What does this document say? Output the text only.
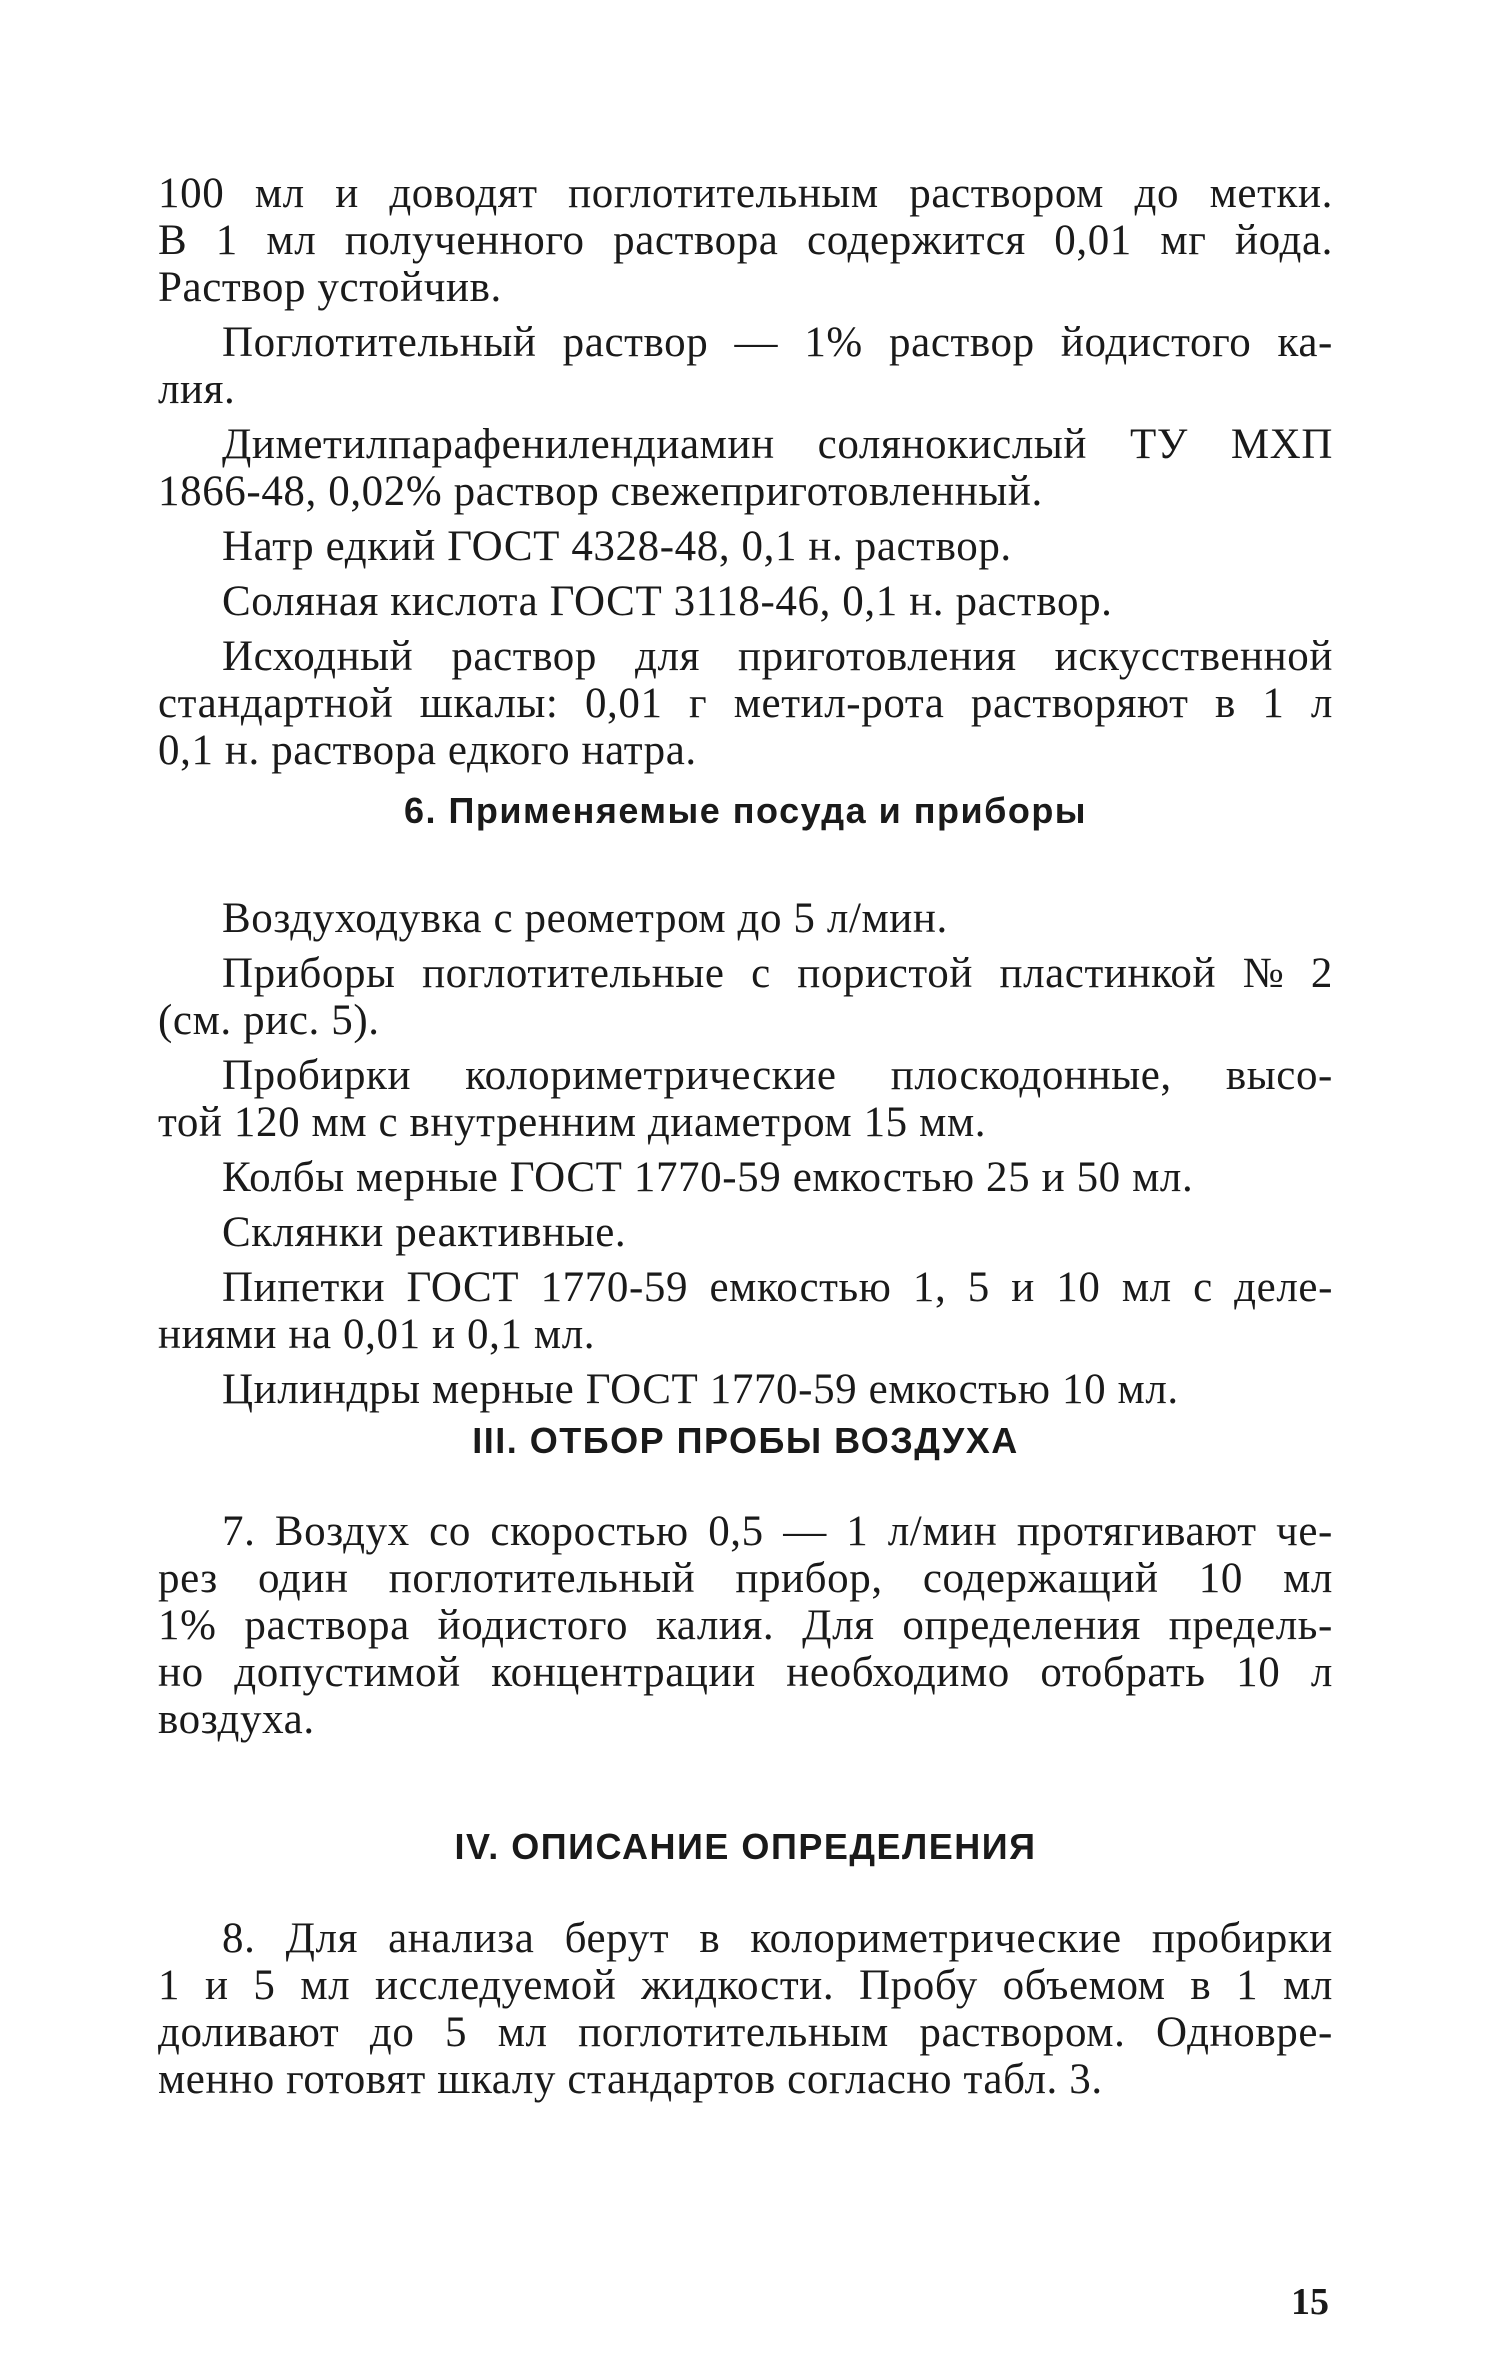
100 мл и доводят поглотительным раствором до метки.
В 1 мл полученного раствора содержится 0,01 мг йода.
Раствор устойчив.
Поглотительный раствор — 1% раствор йодистого ка-
лия.
Диметилпарафенилендиамин солянокислый ТУ МХП
1866-48, 0,02% раствор свежеприготовленный.
Натр едкий ГОСТ 4328-48, 0,1 н. раствор.
Соляная кислота ГОСТ 3118-46, 0,1 н. раствор.
Исходный раствор для приготовления искусственной
стандартной шкалы: 0,01 г метил-рота растворяют в 1 л
0,1 н. раствора едкого натра.
6. Применяемые посуда и приборы
Воздуходувка с реометром до 5 л/мин.
Приборы поглотительные с пористой пластинкой № 2
(см. рис. 5).
Пробирки колориметрические плоскодонные, высо-
той 120 мм с внутренним диаметром 15 мм.
Колбы мерные ГОСТ 1770-59 емкостью 25 и 50 мл.
Склянки реактивные.
Пипетки ГОСТ 1770-59 емкостью 1, 5 и 10 мл с деле-
ниями на 0,01 и 0,1 мл.
Цилиндры мерные ГОСТ 1770-59 емкостью 10 мл.
III. ОТБОР ПРОБЫ ВОЗДУХА
7. Воздух со скоростью 0,5 — 1 л/мин протягивают че-
рез один поглотительный прибор, содержащий 10 мл
1% раствора йодистого калия. Для определения предель-
но допустимой концентрации необходимо отобрать 10 л
воздуха.
IV. ОПИСАНИЕ ОПРЕДЕЛЕНИЯ
8. Для анализа берут в колориметрические пробирки
1 и 5 мл исследуемой жидкости. Пробу объемом в 1 мл
доливают до 5 мл поглотительным раствором. Одновре-
менно готовят шкалу стандартов согласно табл. 3.
15
